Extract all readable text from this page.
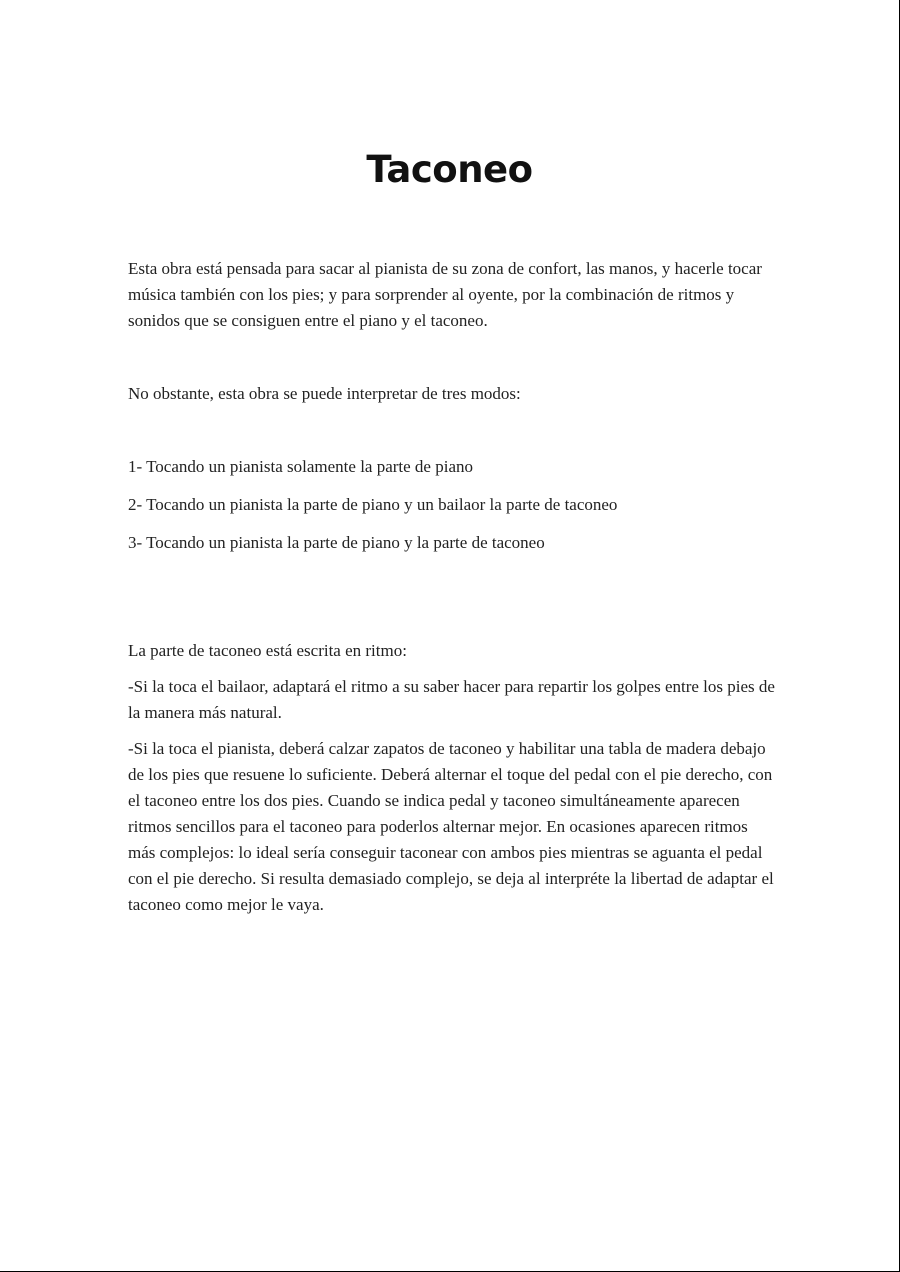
Taconeo

Esta obra está pensada para sacar al pianista de su zona de confort, las manos, y hacerle tocar música también con los pies; y para sorprender al oyente, por la combinación de ritmos y sonidos que se consiguen entre el piano y el taconeo.

No obstante, esta obra se puede interpretar de tres modos:

1- Tocando un pianista solamente la parte de piano
2- Tocando un pianista la parte de piano y un bailaor la parte de taconeo
3- Tocando un pianista la parte de piano y la parte de taconeo

La parte de taconeo está escrita en ritmo:

-Si la toca el bailaor, adaptará el ritmo a su saber hacer para repartir los golpes entre los pies de la manera más natural.

-Si la toca el pianista, deberá calzar zapatos de taconeo y habilitar una tabla de madera debajo de los pies que resuene lo suficiente. Deberá alternar el toque del pedal con el pie derecho, con el taconeo entre los dos pies. Cuando se indica pedal y taconeo simultáneamente aparecen ritmos sencillos para el taconeo para poderlos alternar mejor. En ocasiones aparecen ritmos más complejos: lo ideal sería conseguir taconear con ambos pies mientras se aguanta el pedal con el pie derecho. Si resulta demasiado complejo, se deja al interpréte la libertad de adaptar el taconeo como mejor le vaya.
